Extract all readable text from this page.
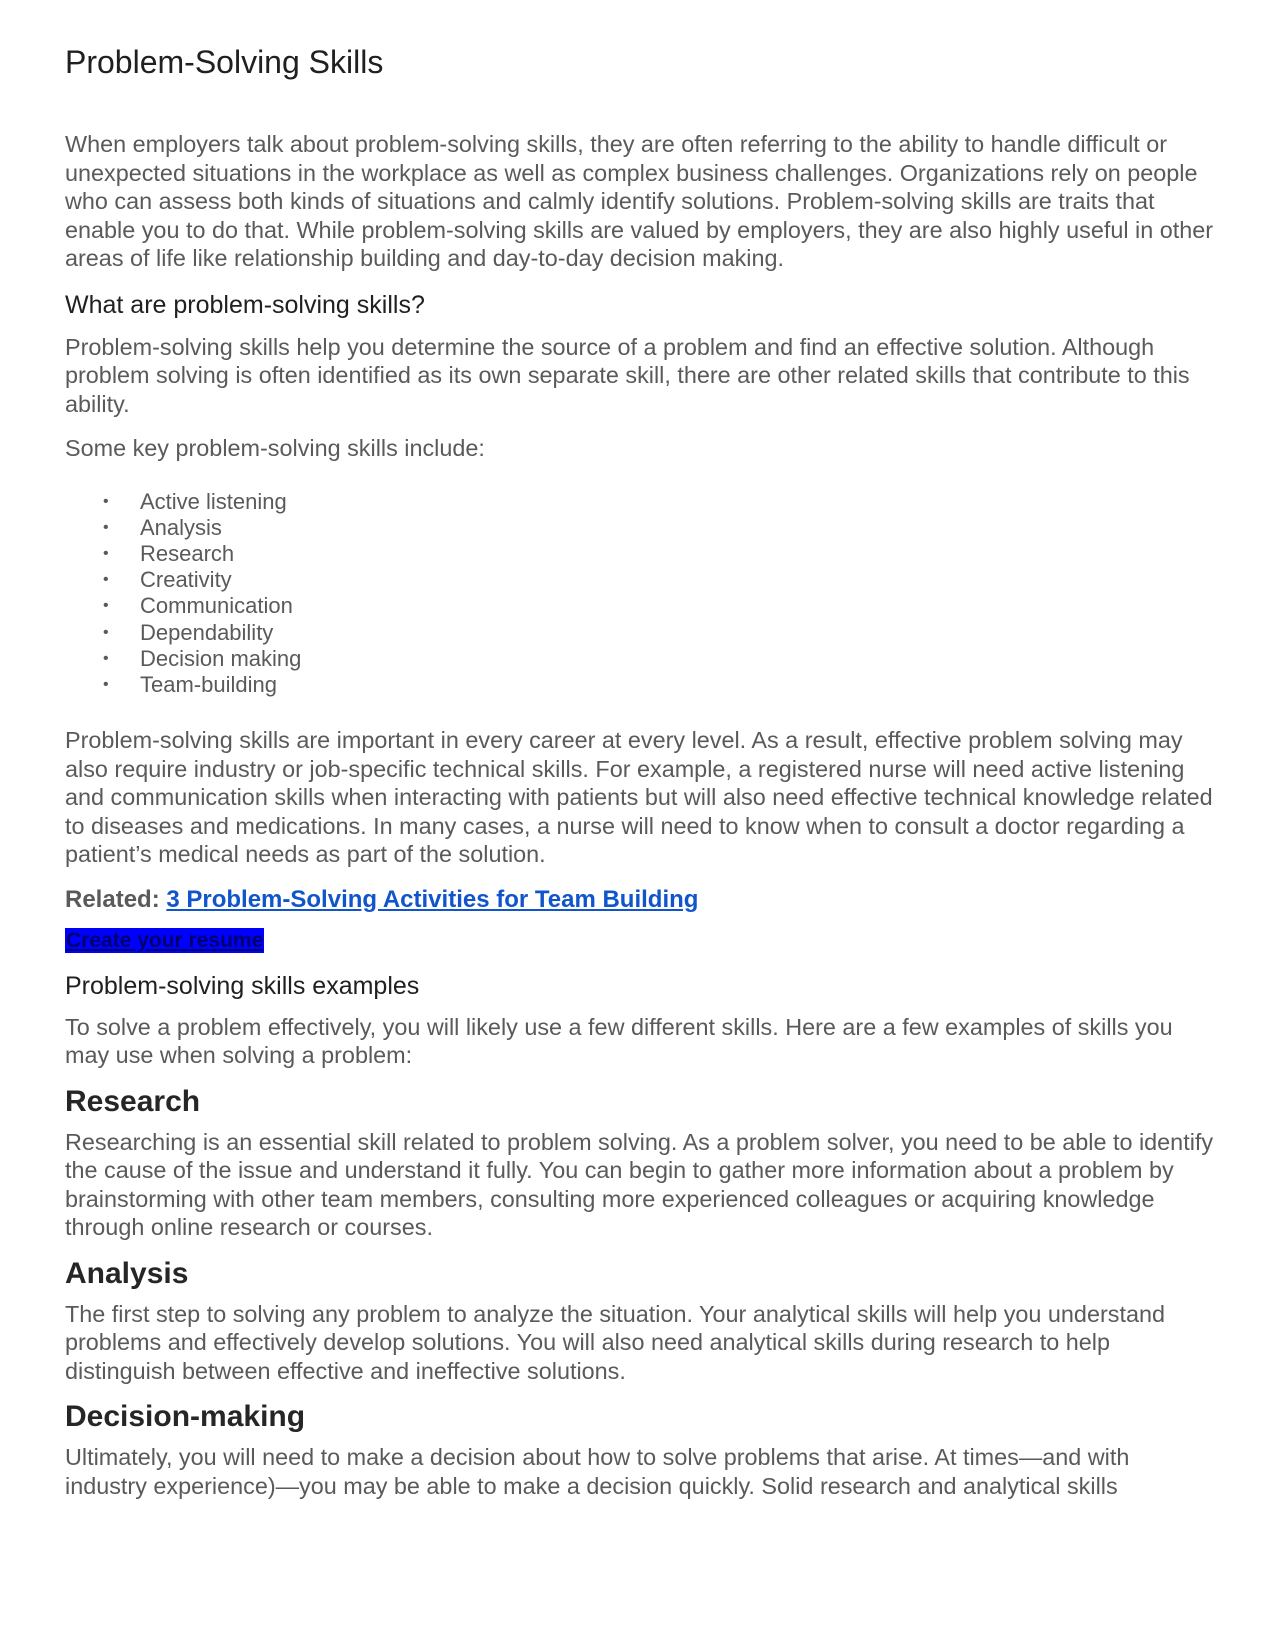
Problem-Solving Skills

When employers talk about problem-solving skills, they are often referring to the ability to handle difficult or unexpected situations in the workplace as well as complex business challenges. Organizations rely on people who can assess both kinds of situations and calmly identify solutions. Problem-solving skills are traits that enable you to do that. While problem-solving skills are valued by employers, they are also highly useful in other areas of life like relationship building and day-to-day decision making.

What are problem-solving skills?

Problem-solving skills help you determine the source of a problem and find an effective solution. Although problem solving is often identified as its own separate skill, there are other related skills that contribute to this ability.

Some key problem-solving skills include:

• Active listening
• Analysis
• Research
• Creativity
• Communication
• Dependability
• Decision making
• Team-building

Problem-solving skills are important in every career at every level. As a result, effective problem solving may also require industry or job-specific technical skills. For example, a registered nurse will need active listening and communication skills when interacting with patients but will also need effective technical knowledge related to diseases and medications. In many cases, a nurse will need to know when to consult a doctor regarding a patient’s medical needs as part of the solution.

Related: 3 Problem-Solving Activities for Team Building

Create your resume
Problem-solving skills examples

To solve a problem effectively, you will likely use a few different skills. Here are a few examples of skills you may use when solving a problem:

Research

Researching is an essential skill related to problem solving. As a problem solver, you need to be able to identify the cause of the issue and understand it fully. You can begin to gather more information about a problem by brainstorming with other team members, consulting more experienced colleagues or acquiring knowledge through online research or courses.

Analysis

The first step to solving any problem to analyze the situation. Your analytical skills will help you understand problems and effectively develop solutions. You will also need analytical skills during research to help distinguish between effective and ineffective solutions.

Decision-making

Ultimately, you will need to make a decision about how to solve problems that arise. At times—and with industry experience)—you may be able to make a decision quickly. Solid research and analytical skills
